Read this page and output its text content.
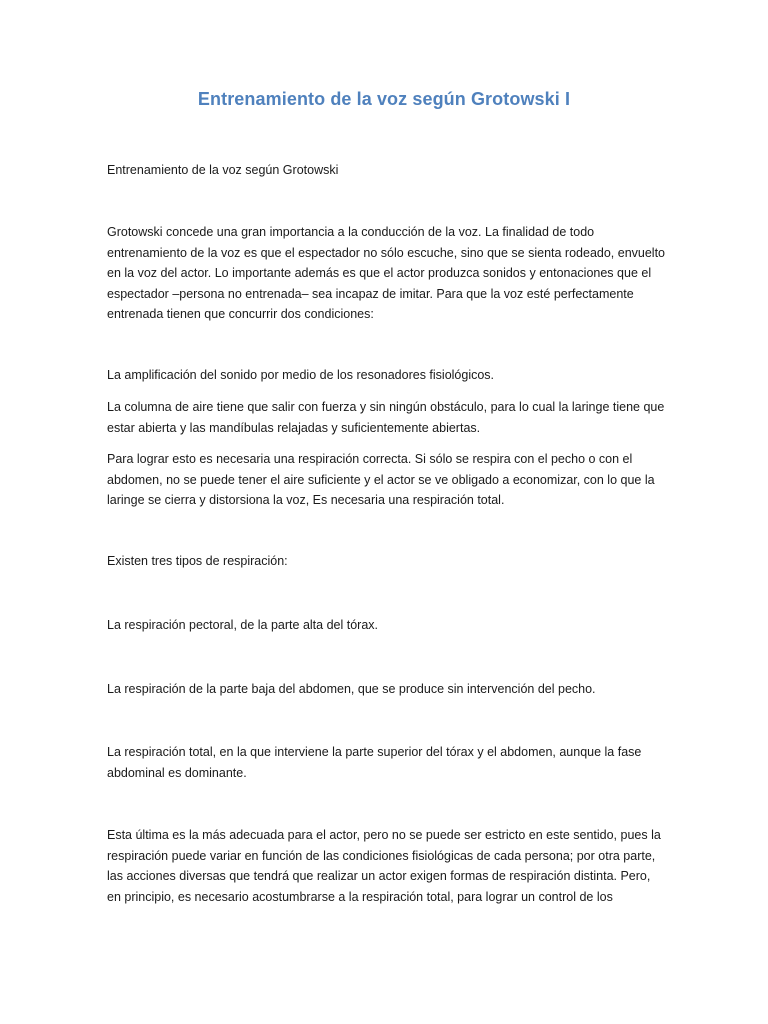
Entrenamiento de la voz según Grotowski I
Entrenamiento de la voz según Grotowski
Grotowski concede una gran importancia a la conducción de la voz. La finalidad de todo entrenamiento de la voz es que el espectador no sólo escuche, sino que se sienta rodeado, envuelto en la voz del actor. Lo importante además es que el actor produzca sonidos y entonaciones que el espectador –persona no entrenada– sea incapaz de imitar. Para que la voz esté perfectamente entrenada tienen que concurrir dos condiciones:
La amplificación del sonido por medio de los resonadores fisiológicos.
La columna de aire tiene que salir con fuerza y sin ningún obstáculo, para lo cual la laringe tiene que estar abierta y las mandíbulas relajadas y suficientemente abiertas.
Para lograr esto es necesaria una respiración correcta. Si sólo se respira con el pecho o con el abdomen, no se puede tener el aire suficiente y el actor se ve obligado a economizar, con lo que la laringe se cierra y distorsiona la voz, Es necesaria una respiración total.
Existen tres tipos de respiración:
La respiración pectoral, de la parte alta del tórax.
La respiración de la parte baja del abdomen, que se produce sin intervención del pecho.
La respiración total, en la que interviene la parte superior del tórax y el abdomen, aunque la fase abdominal es dominante.
Esta última es la más adecuada para el actor, pero no se puede ser estricto en este sentido, pues la respiración puede variar en función de las condiciones fisiológicas de cada persona; por otra parte, las acciones diversas que tendrá que realizar un actor exigen formas de respiración distinta. Pero, en principio, es necesario acostumbrarse a la respiración total, para lograr un control de los
